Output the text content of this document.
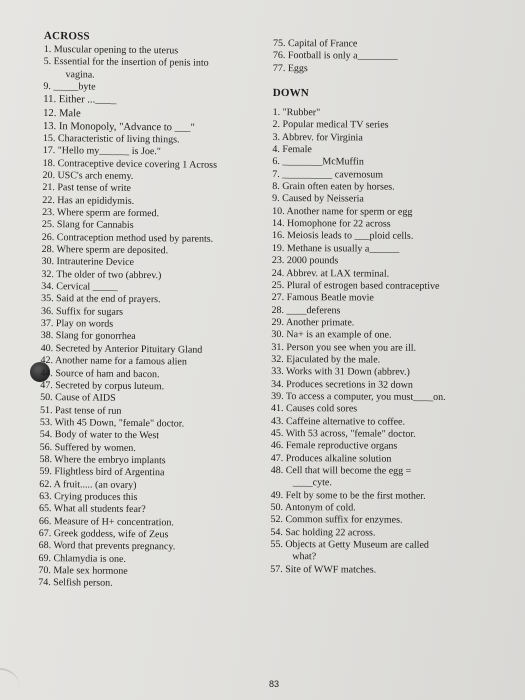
ACROSS
1. Muscular opening to the uterus
5. Essential for the insertion of penis into
vagina.
9. _____byte
11. Either ...____
12. Male
13. In Monopoly, "Advance to ___"
15. Characteristic of living things.
17. "Hello my______ is Joe."
18. Contraceptive device covering 1 Across
20. USC's arch enemy.
21. Past tense of write
22. Has an epididymis.
23. Where sperm are formed.
25. Slang for Cannabis
26. Contraception method used by parents.
28. Where sperm are deposited.
30. Intrauterine Device
32. The older of two (abbrev.)
34. Cervical _____
35. Said at the end of prayers.
36. Suffix for sugars
37. Play on words
38. Slang for gonorrhea
40. Secreted by Anterior Pituitary Gland
42. Another name for a famous alien
44. Source of ham and bacon.
47. Secreted by corpus luteum.
50. Cause of AIDS
51. Past tense of run
53. With 45 Down, "female" doctor.
54. Body of water to the West
56. Suffered by women.
58. Where the embryo implants
59. Flightless bird of Argentina
62. A fruit..... (an ovary)
63. Crying produces this
65. What all students fear?
66. Measure of H+ concentration.
67. Greek goddess, wife of Zeus
68. Word that prevents pregnancy.
69. Chlamydia is one.
70. Male sex hormone
74. Selfish person.
75. Capital of France
76. Football is only a________
77. Eggs
DOWN
1. "Rubber"
2. Popular medical TV series
3. Abbrev. for Virginia
4. Female
6. ________McMuffin
7. __________ cavernosum
8. Grain often eaten by horses.
9. Caused by Neisseria
10. Another name for sperm or egg
14. Homophone for 22 across
16. Meiosis leads to ___ploid cells.
19. Methane is usually a______
23. 2000 pounds
24. Abbrev. at LAX terminal.
25. Plural of estrogen based contraceptive
27. Famous Beatle movie
28. ____deferens
29. Another primate.
30. Na+ is an example of one.
31. Person you see when you are ill.
32. Ejaculated by the male.
33. Works with 31 Down (abbrev.)
34. Produces secretions in 32 down
39. To access a computer, you must____on.
41. Causes cold sores
43. Caffeine alternative to coffee.
45. With 53 across, "female" doctor.
46. Female reproductive organs
47. Produces alkaline solution
48. Cell that will become the egg =
____cyte.
49. Felt by some to be the first mother.
50. Antonym of cold.
52. Common suffix for enzymes.
54. Sac holding 22 across.
55. Objects at Getty Museum are called
what?
57. Site of WWF matches.
83
